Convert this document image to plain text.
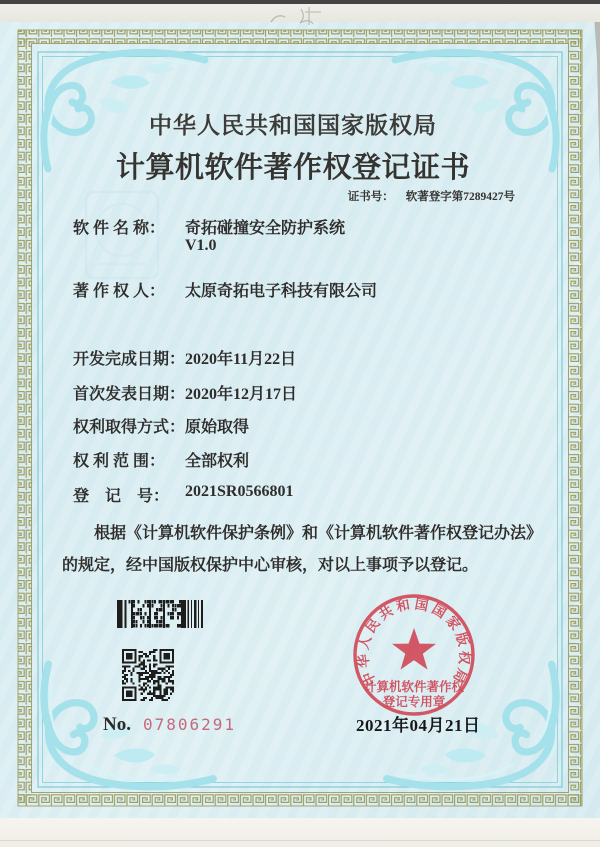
中华人民共和国国家版权局
计算机软件著作权登记证书
证书号： 软著登字第7289427号
软 件 名 称： 奇拓碰撞安全防护系统
V1.0
著 作 权 人： 太原奇拓电子科技有限公司
开发完成日期： 2020年11月22日
首次发表日期： 2020年12月17日
权利取得方式： 原始取得
权 利 范 围： 全部权利
登　记　号： 2021SR0566801
根据《计算机软件保护条例》和《计算机软件著作权登记办法》的规定，经中国版权保护中心审核，对以上事项予以登记。
No. 07806291
中华人民共和国国家版权局
计算机软件著作权
登记专用章
2021年04月21日
